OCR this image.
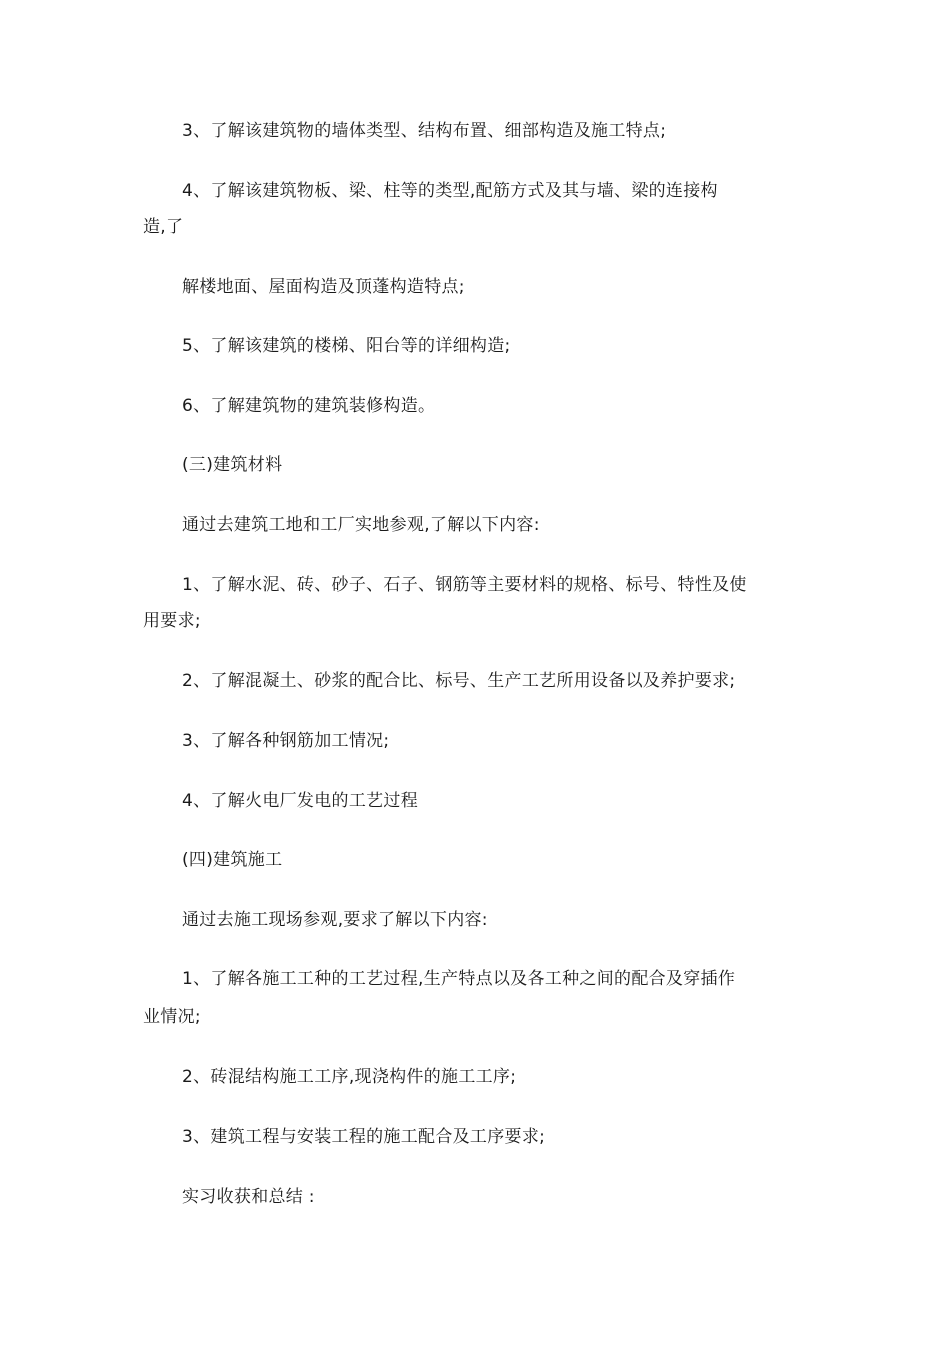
3、了解该建筑物的墙体类型、结构布置、细部构造及施工特点;
4、了解该建筑物板、梁、柱等的类型,配筋方式及其与墙、梁的连接构
造,了
解楼地面、屋面构造及顶蓬构造特点;
5、了解该建筑的楼梯、阳台等的详细构造;
6、了解建筑物的建筑装修构造。
(三)建筑材料
通过去建筑工地和工厂实地参观,了解以下内容:
1、了解水泥、砖、砂子、石子、钢筋等主要材料的规格、标号、特性及使
用要求;
2、了解混凝土、砂浆的配合比、标号、生产工艺所用设备以及养护要求;
3、了解各种钢筋加工情况;
4、了解火电厂发电的工艺过程
(四)建筑施工
通过去施工现场参观,要求了解以下内容:
1、了解各施工工种的工艺过程,生产特点以及各工种之间的配合及穿插作
业情况;
2、砖混结构施工工序,现浇构件的施工工序;
3、建筑工程与安装工程的施工配合及工序要求;
实习收获和总结 :
